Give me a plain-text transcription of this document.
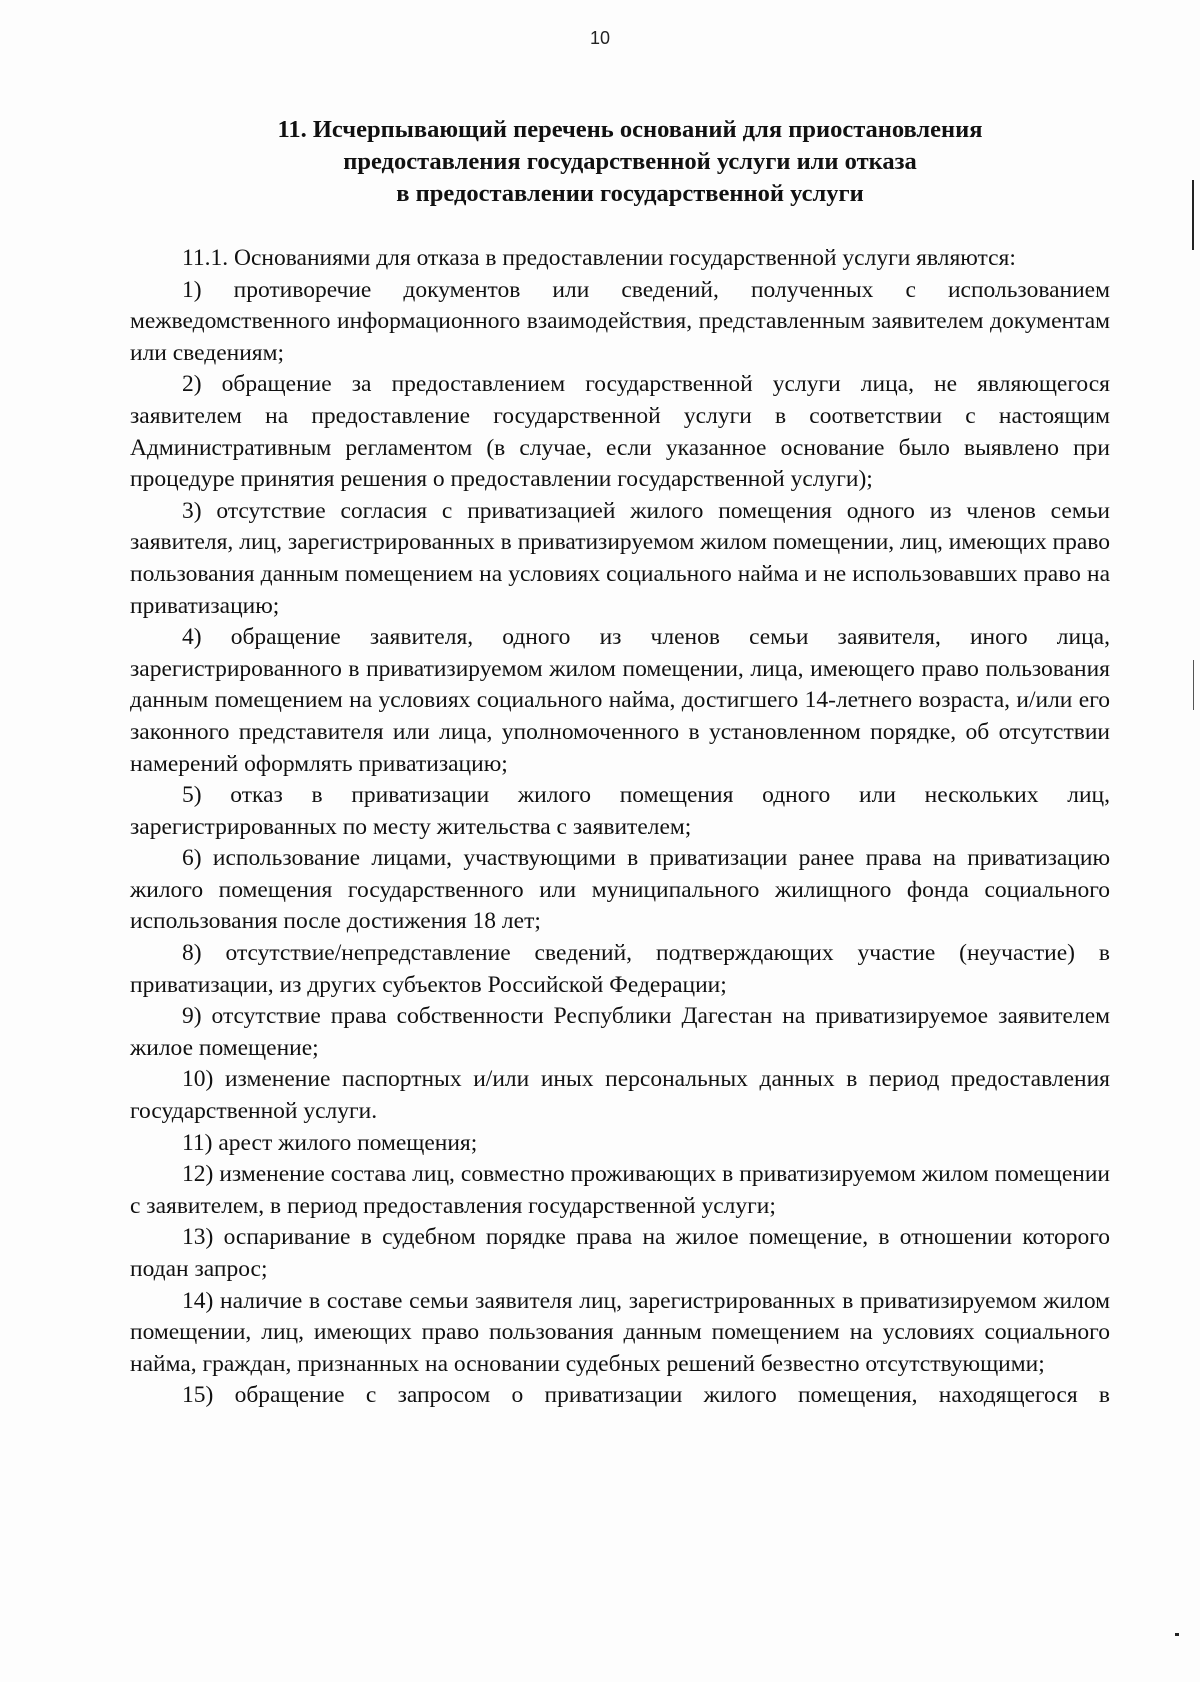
10
11. Исчерпывающий перечень оснований для приостановления
предоставления государственной услуги или отказа
в предоставлении государственной услуги

11.1. Основаниями для отказа в предоставлении государственной услуги являются:

1) противоречие документов или сведений, полученных с использованием межведомственного информационного взаимодействия, представленным заявителем документам или сведениям;

2) обращение за предоставлением государственной услуги лица, не являющегося заявителем на предоставление государственной услуги в соответствии с настоящим Административным регламентом (в случае, если указанное основание было выявлено при процедуре принятия решения о предоставлении государственной услуги);

3) отсутствие согласия с приватизацией жилого помещения одного из членов семьи заявителя, лиц, зарегистрированных в приватизируемом жилом помещении, лиц, имеющих право пользования данным помещением на условиях социального найма и не использовавших право на приватизацию;

4) обращение заявителя, одного из членов семьи заявителя, иного лица, зарегистрированного в приватизируемом жилом помещении, лица, имеющего право пользования данным помещением на условиях социального найма, достигшего 14-летнего возраста, и/или его законного представителя или лица, уполномоченного в установленном порядке, об отсутствии намерений оформлять приватизацию;

5) отказ в приватизации жилого помещения одного или нескольких лиц, зарегистрированных по месту жительства с заявителем;

6) использование лицами, участвующими в приватизации ранее права на приватизацию жилого помещения государственного или муниципального жилищного фонда социального использования после достижения 18 лет;

8) отсутствие/непредставление сведений, подтверждающих участие (неучастие) в приватизации, из других субъектов Российской Федерации;

9) отсутствие права собственности Республики Дагестан на приватизируемое заявителем жилое помещение;

10) изменение паспортных и/или иных персональных данных в период предоставления государственной услуги.

11) арест жилого помещения;

12) изменение состава лиц, совместно проживающих в приватизируемом жилом помещении с заявителем, в период предоставления государственной услуги;

13) оспаривание в судебном порядке права на жилое помещение, в отношении которого подан запрос;

14) наличие в составе семьи заявителя лиц, зарегистрированных в приватизируемом жилом помещении, лиц, имеющих право пользования данным помещением на условиях социального найма, граждан, признанных на основании судебных решений безвестно отсутствующими;

15) обращение с запросом о приватизации жилого помещения, находящегося в
